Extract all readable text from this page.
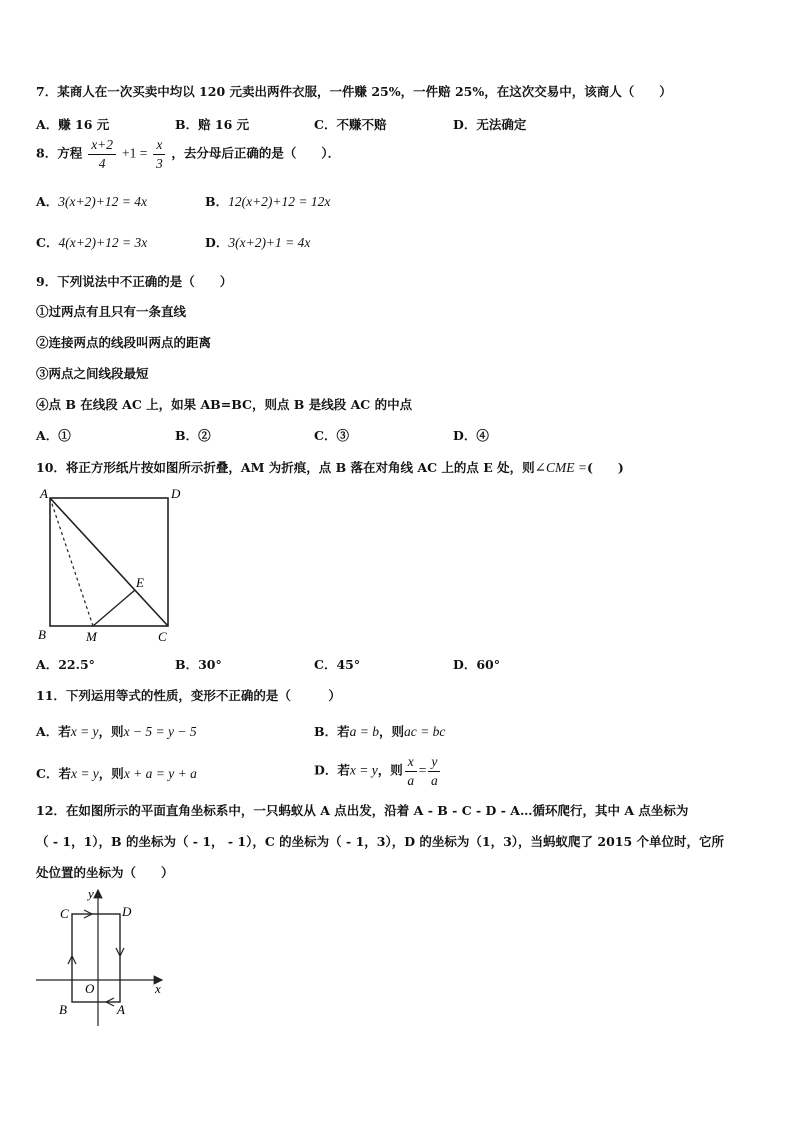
7．某商人在一次买卖中均以 120 元卖出两件衣服，一件赚 25%，一件赔 25%，在这次交易中，该商人（　　）
A．赚 16 元	B．赔 16 元	C．不赚不赔	D．无法确定
8．方程 $\frac{x+2}{4} +1 = \frac{x}{3}$ ，去分母后正确的是（　　）．
A．3(x+2)+12 = 4x	B．12(x+2)+12 = 12x
C．4(x+2)+12 = 3x	D．3(x+2)+1 = 4x
9．下列说法中不正确的是（　　）
①过两点有且只有一条直线
②连接两点的线段叫两点的距离
③两点之间线段最短
④点 B 在线段 AC 上，如果 AB=BC，则点 B 是线段 AC 的中点
A．①	B．②	C．③	D．④
10．将正方形纸片按如图所示折叠，AM 为折痕，点 B 落在对角线 AC 上的点 E 处，则∠CME =(　　)
A	D
B	M	C
E
A．22.5°	B．30°	C．45°	D．60°
11．下列运用等式的性质，变形不正确的是（　　　）
A．若x = y，则x − 5 = y − 5	B．若a = b，则ac = bc
C．若x = y，则x + a = y + a	D．若x = y，则 $\frac{x}{a} = \frac{y}{a}$
12．在如图所示的平面直角坐标系中，一只蚂蚁从 A 点出发，沿着 A - B - C - D - A…循环爬行，其中 A 点坐标为
（ - 1，1），B 的坐标为（ - 1， - 1），C 的坐标为（ - 1，3），D 的坐标为（1，3），当蚂蚁爬了 2015 个单位时，它所
处位置的坐标为（　　）
y
x
O
C	D
B	A
